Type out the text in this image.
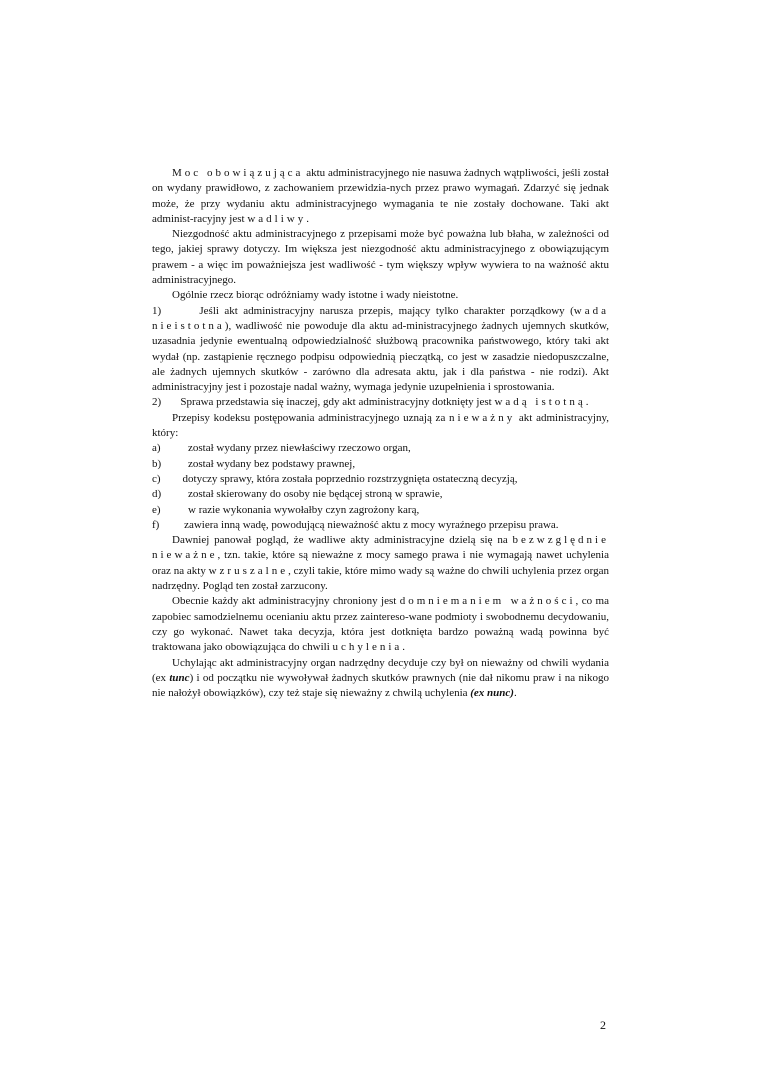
Moc obowiązująca aktu administracyjnego nie nasuwa żadnych wątpliwości, jeśli został on wydany prawidłowo, z zachowaniem przewidzia-nych przez prawo wymagań. Zdarzyć się jednak może, że przy wydaniu aktu administracyjnego wymagania te nie zostały dochowane. Taki akt administ-racyjny jest wadliwy.

Niezgodność aktu administracyjnego z przepisami może być poważna lub błaha, w zależności od tego, jakiej sprawy dotyczy. Im większa jest niezgodność aktu administracyjnego z obowiązującym prawem - a więc im poważniejsza jest wadliwość - tym większy wpływ wywiera to na ważność aktu administracyjnego.

Ogólnie rzecz biorąc odróżniamy wady istotne i wady nieistotne.

1)	Jeśli akt administracyjny narusza przepis, mający tylko charakter porządkowy (wada nieistotna), wadliwość nie powoduje dla aktu ad-ministracyjnego żadnych ujemnych skutków, uzasadnia jedynie ewentualną odpowiedzialność służbową pracownika państwowego, który taki akt wydał (np. zastąpienie ręcznego podpisu odpowiednią pieczątką, co jest w zasadzie niedopuszczalne, ale żadnych ujemnych skutków - zarówno dla adresata aktu, jak i dla państwa - nie rodzi). Akt administracyjny jest i pozostaje nadal ważny, wymaga jedynie uzupełnienia i sprostowania.

2) Sprawa przedstawia się inaczej, gdy akt administracyjny dotknięty jest wadą istotną.

Przepisy kodeksu postępowania administracyjnego uznają za nieważny akt administracyjny, który:

a)	został wydany przez niewłaściwy rzeczowo organ,
b)	został wydany bez podstawy prawnej,

c) dotyczy sprawy, która została poprzednio rozstrzygnięta ostateczną decyzją,

d)	został skierowany do osoby nie będącej stroną w sprawie,
e)	w razie wykonania wywołałby czyn zagrożony karą,

f) zawiera inną wadę, powodującą nieważność aktu z mocy wyraźnego przepisu prawa.

Dawniej panował pogląd, że wadliwe akty administracyjne dzielą się na bezwzględnie nieważne, tzn. takie, które są nieważne z mocy samego prawa i nie wymagają nawet uchylenia oraz na akty wzruszalne, czyli takie, które mimo wady są ważne do chwili uchylenia przez organ nadrzędny. Pogląd ten został zarzucony.

Obecnie każdy akt administracyjny chroniony jest domniemaniem ważności, co ma zapobiec samodzielnemu ocenianiu aktu przez zaintereso-wane podmioty i swobodnemu decydowaniu, czy go wykonać. Nawet taka decyzja, która jest dotknięta bardzo poważną wadą powinna być traktowana jako obowiązująca do chwili uchylenia.

Uchylając akt administracyjny organ nadrzędny decyduje czy był on nieważny od chwili wydania (ex tunc) i od początku nie wywoływał żadnych skutków prawnych (nie dał nikomu praw i na nikogo nie nałożył obowiązków), czy też staje się nieważny z chwilą uchylenia (ex nunc).

2
